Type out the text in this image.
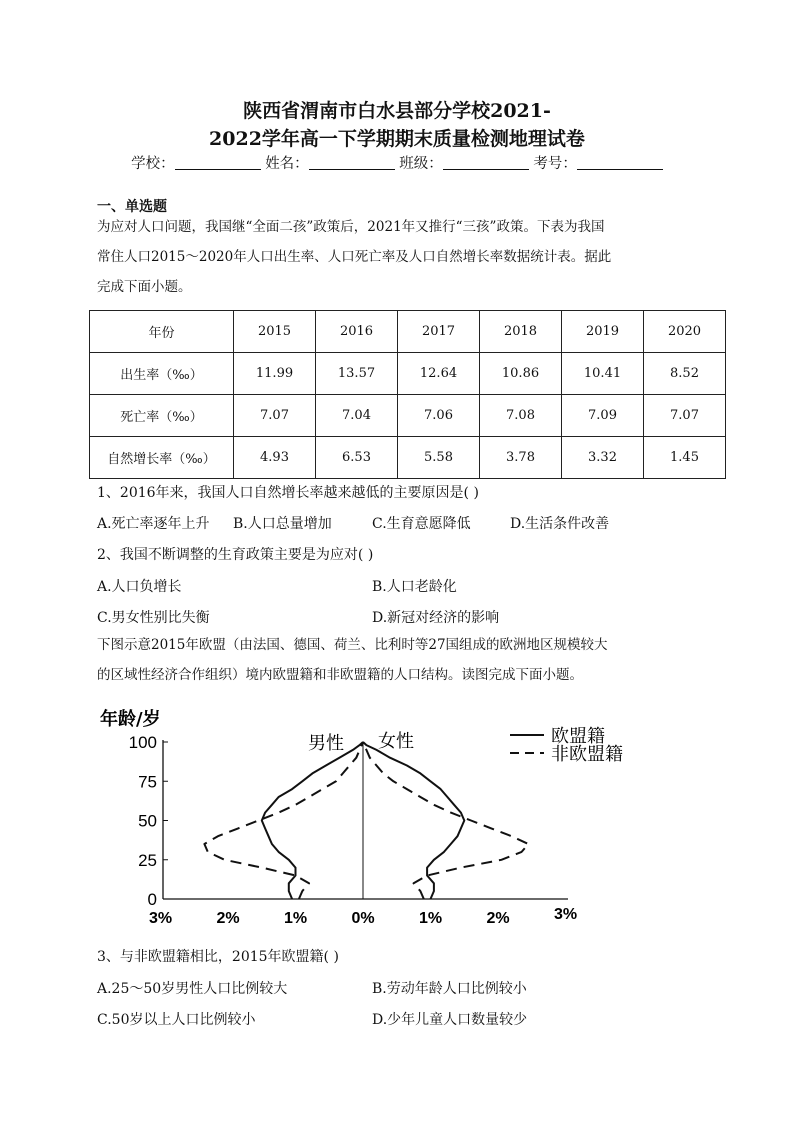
陕西省渭南市白水县部分学校2021-
2022学年高一下学期期末质量检测地理试卷
学校：	姓名：	班级：	考号：
一、单选题
为应对人口问题，我国继“全面二孩”政策后，2021年又推行“三孩”政策。下表为我国
常住人口2015～2020年人口出生率、人口死亡率及人口自然增长率数据统计表。据此
完成下面小题。
年份	2015	2016	2017	2018	2019	2020
出生率（‰）	11.99	13.57	12.64	10.86	10.41	8.52
死亡率（‰）	7.07	7.04	7.06	7.08	7.09	7.07
自然增长率（‰）	4.93	6.53	5.58	3.78	3.32	1.45
1、2016年来，我国人口自然增长率越来越低的主要原因是( )
A.死亡率逐年上升 B.人口总量增加	C.生育意愿降低	D.生活条件改善
2、我国不断调整的生育政策主要是为应对( )
A.人口负增长	B.人口老龄化
C.男女性别比失衡	D.新冠对经济的影响
下图示意2015年欧盟（由法国、德国、荷兰、比利时等27国组成的欧洲地区规模较大
的区域性经济合作组织）境内欧盟籍和非欧盟籍的人口结构。读图完成下面小题。
100
75
50
25
0
3%	2%	1%	0%	1%	2%	3%
年龄/岁
男性 女性	欧盟籍
非欧盟籍
3、与非欧盟籍相比，2015年欧盟籍( )
A.25～50岁男性人口比例较大	B.劳动年龄人口比例较小
C.50岁以上人口比例较小	D.少年儿童人口数量较少
